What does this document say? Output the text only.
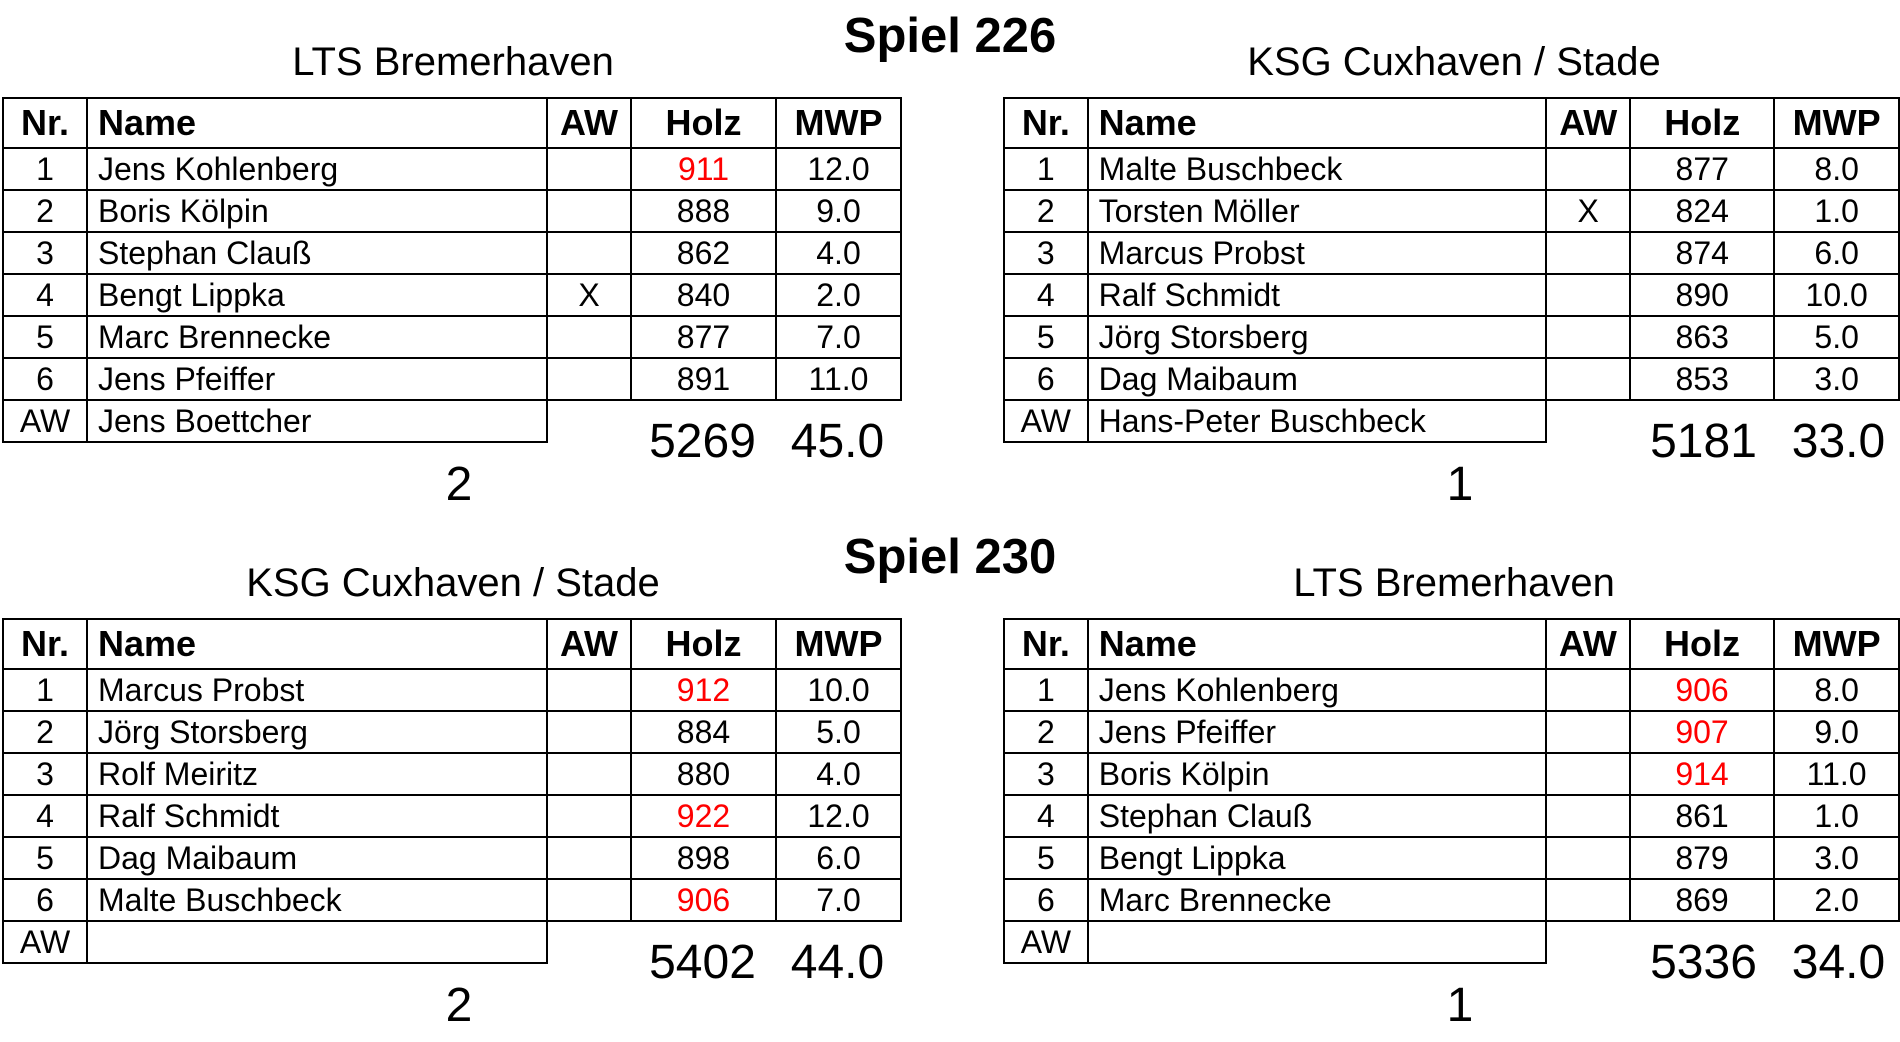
Spiel 226
LTS Bremerhaven
Nr.	Name	AW	Holz	MWP
1	Jens Kohlenberg		911	12.0
2	Boris Kölpin		888	9.0
3	Stephan Clauß		862	4.0
4	Bengt Lippka	X	840	2.0
5	Marc Brennecke		877	7.0
6	Jens Pfeiffer		891	11.0
AW	Jens Boettcher				5269 45.0
2
KSG Cuxhaven / Stade
Nr.	Name	AW	Holz	MWP
1	Malte Buschbeck		877	8.0
2	Torsten Möller	X	824	1.0
3	Marcus Probst		874	6.0
4	Ralf Schmidt		890	10.0
5	Jörg Storsberg		863	5.0
6	Dag Maibaum		853	3.0
AW	Hans-Peter Buschbeck				5181 33.0
1
Spiel 230
KSG Cuxhaven / Stade
Nr.	Name	AW	Holz	MWP
1	Marcus Probst		912	10.0
2	Jörg Storsberg		884	5.0
3	Rolf Meiritz		880	4.0
4	Ralf Schmidt		922	12.0
5	Dag Maibaum		898	6.0
6	Malte Buschbeck		906	7.0
AW					5402 44.0
2
LTS Bremerhaven
Nr.	Name	AW	Holz	MWP
1	Jens Kohlenberg		906	8.0
2	Jens Pfeiffer		907	9.0
3	Boris Kölpin		914	11.0
4	Stephan Clauß		861	1.0
5	Bengt Lippka		879	3.0
6	Marc Brennecke		869	2.0
AW					5336 34.0
1
